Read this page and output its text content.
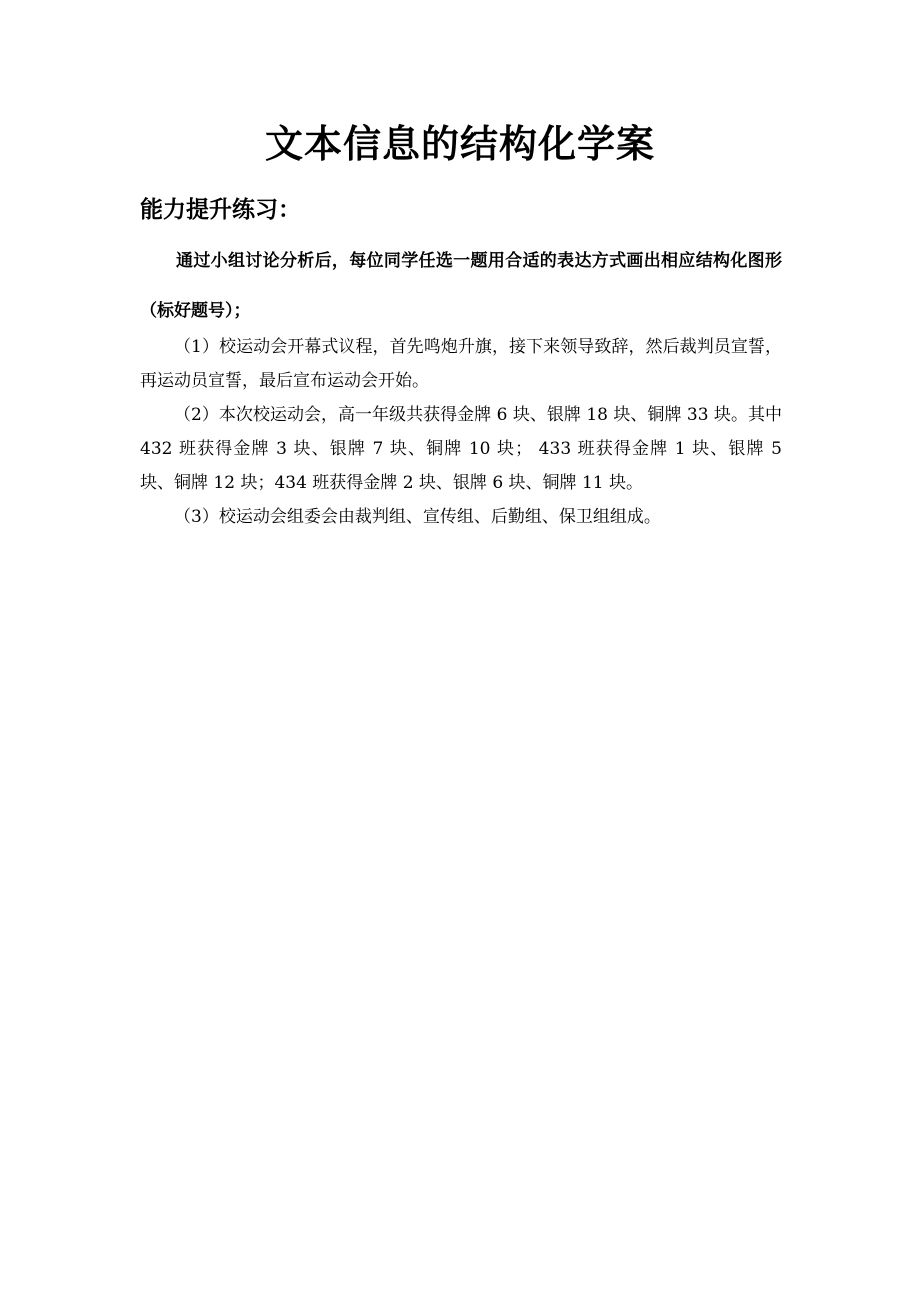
文本信息的结构化学案
能力提升练习：
通过小组讨论分析后，每位同学任选一题用合适的表达方式画出相应结构化图形（标好题号）；

（1）校运动会开幕式议程，首先鸣炮升旗，接下来领导致辞，然后裁判员宣誓，再运动员宣誓，最后宣布运动会开始。

（2）本次校运动会，高一年级共获得金牌 6 块、银牌 18 块、铜牌 33 块。其中 432 班获得金牌 3 块、银牌 7 块、铜牌 10 块； 433 班获得金牌 1 块、银牌 5 块、铜牌 12 块；434 班获得金牌 2 块、银牌 6 块、铜牌 11 块。

（3）校运动会组委会由裁判组、宣传组、后勤组、保卫组组成。
